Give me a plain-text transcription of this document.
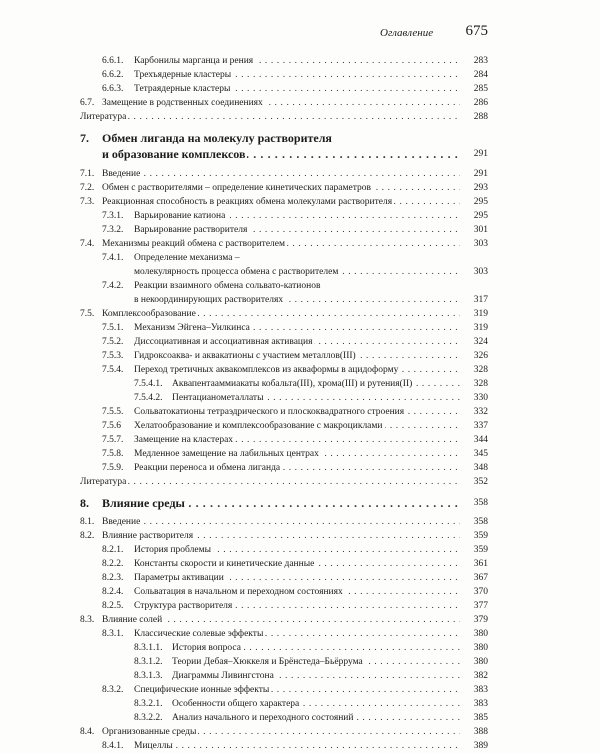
Оглавление	675
6.6.1. Карбонилы марганца и рения . . .	283
6.6.2. Трехъядерные кластеры . . .	284
6.6.3. Тетраядерные кластеры . . .	285
6.7. Замещение в родственных соединениях . . .	286
Литература . . .	288
7. Обмен лиганда на молекулу растворителя
и образование комплексов . . .	291
7.1. Введение . . .	291
7.2. Обмен с растворителями – определение кинетических параметров . . .	293
7.3. Реакционная способность в реакциях обмена молекулами растворителя . . .	295
7.3.1. Варьирование катиона . . .	295
7.3.2. Варьирование растворителя . . .	301
7.4. Механизмы реакций обмена с растворителем . . .	303
7.4.1. Определение механизма –
молекулярность процесса обмена с растворителем . . .	303
7.4.2. Реакции взаимного обмена сольвато-катионов
в некоординирующих растворителях . . .	317
7.5. Комплексообразование . . .	319
7.5.1. Механизм Эйгена–Уилкинса . . .	319
7.5.2. Диссоциативная и ассоциативная активация . . .	324
7.5.3. Гидроксоаква- и аквакатионы с участием металлов(III) . . .	326
7.5.4. Переход третичных аквакомплексов из аквaформы в ацидоформу . . .	328
7.5.4.1. Аквапентааммиакаты кобальта(III), хрома(III) и рутения(II) . . .	328
7.5.4.2. Пентацианометаллаты . . .	330
7.5.5. Сольватокатионы тетраэдрического и плоскоквадратного строения . . .	332
7.5.6 Хелатообразование и комплексообразование с макроциклами . . .	337
7.5.7. Замещение на кластерах . . .	344
7.5.8. Медленное замещение на лабильных центрах . . .	345
7.5.9. Реакции переноса и обмена лиганда . . .	348
Литература . . .	352
8. Влияние среды . . .	358
8.1. Введение . . .	358
8.2. Влияние растворителя . . .	359
8.2.1. История проблемы . . .	359
8.2.2. Константы скорости и кинетические данные . . .	361
8.2.3. Параметры активации . . .	367
8.2.4. Сольватация в начальном и переходном состояниях . . .	370
8.2.5. Структура растворителя . . .	377
8.3. Влияние солей . . .	379
8.3.1. Классические солевые эффекты . . .	380
8.3.1.1. История вопроса . . .	380
8.3.1.2. Теории Дебая–Хюккеля и Брёнстеда–Бьёррума . . .	380
8.3.1.3. Диаграммы Ливингстона . . .	382
8.3.2. Специфические ионные эффекты . . .	383
8.3.2.1. Особенности общего характера . . .	383
8.3.2.2. Анализ начального и переходного состояний . . .	385
8.4. Организованные среды . . .	388
8.4.1. Мицеллы . . .	389
